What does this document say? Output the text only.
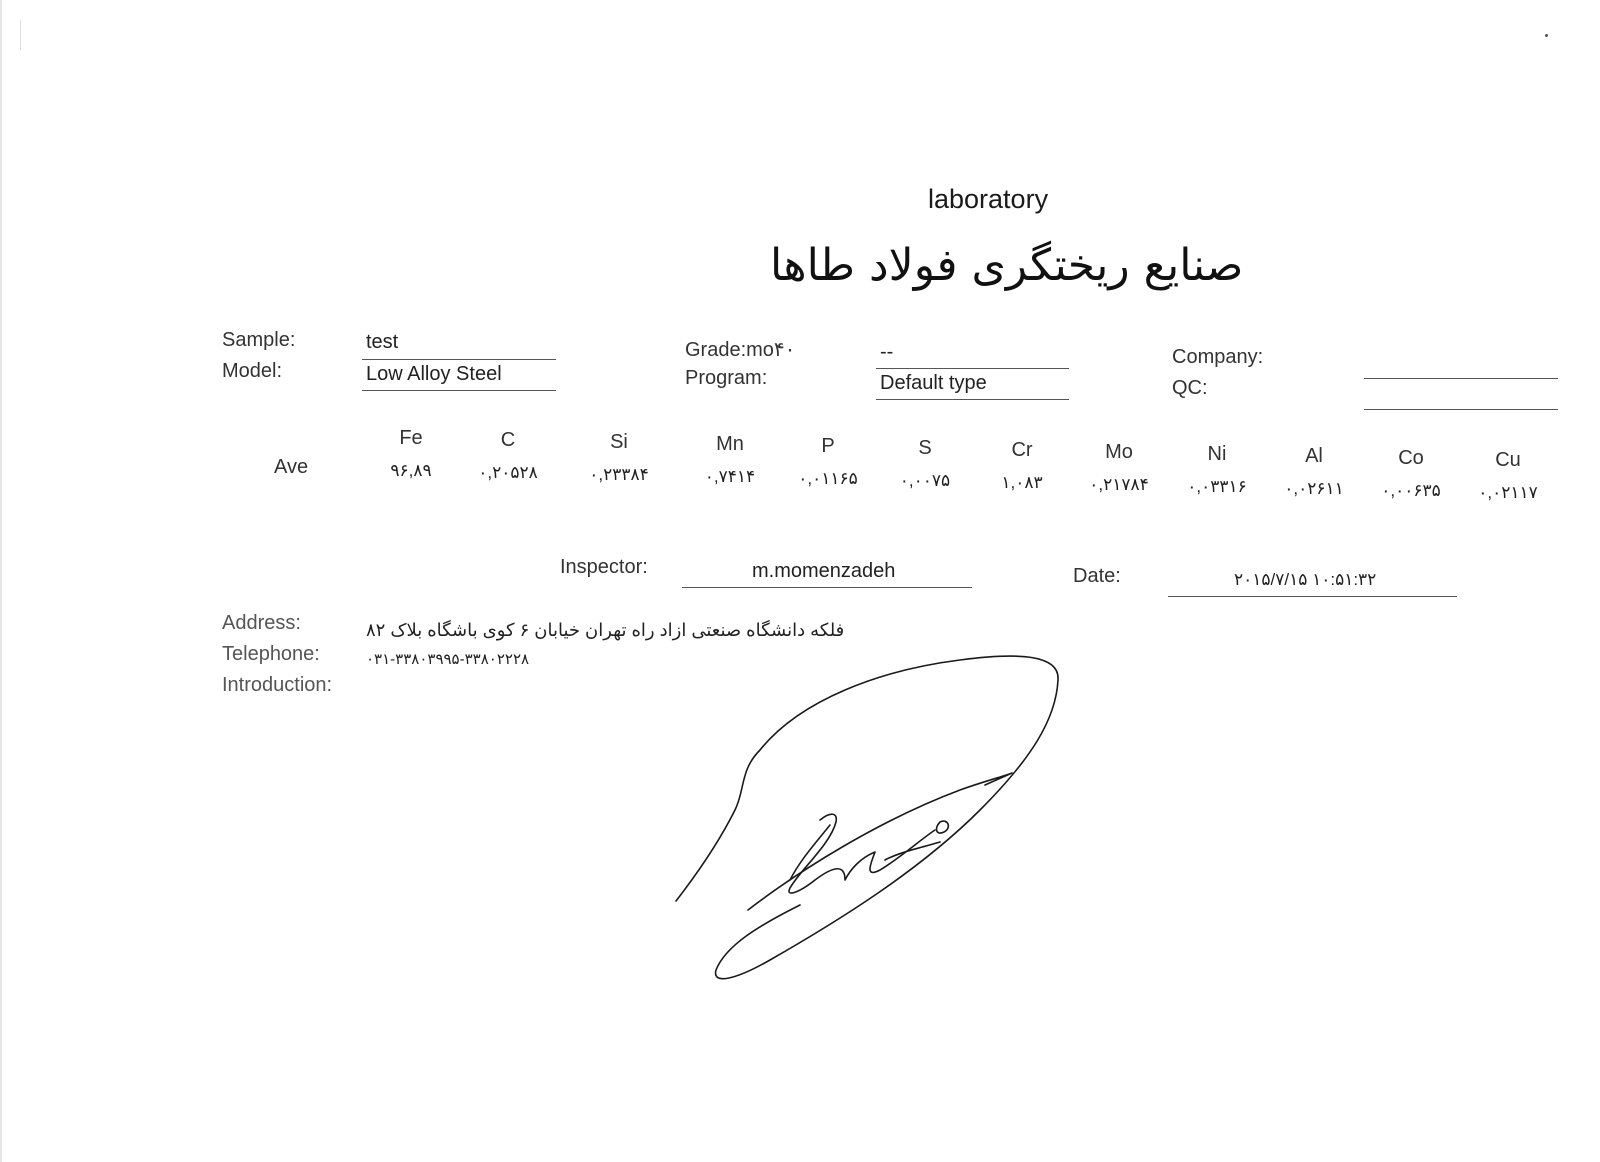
laboratory
صنایع ریختگری فولاد طاها
Sample:	test
Model:	Low Alloy Steel
Grade:mo۴۰	--
Program:	Default type
Company:
QC:
Ave
Fe	C	Si	Mn	P	S	Cr	Mo	Ni	Al	Co	Cu
۹۶,۸۹	۰,۲۰۵۲۸	۰,۲۳۳۸۴	۰,۷۴۱۴	۰,۰۱۱۶۵	۰,۰۰۷۵	۱,۰۸۳	۰,۲۱۷۸۴	۰,۰۳۳۱۶	۰,۰۲۶۱۱	۰,۰۰۶۳۵	۰,۰۲۱۱۷
Inspector:	m.momenzadeh	Date:	۲۰۱۵/۷/۱۵ ۱۰:۵۱:۳۲
Address:	فلکه دانشگاه صنعتی ازاد راه تهران خیابان ۶ کوی باشگاه بلاک ۸۲
Telephone:	۰۳۱-۳۳۸۰۳۹۹۵-۳۳۸۰۲۲۲۸
Introduction:
